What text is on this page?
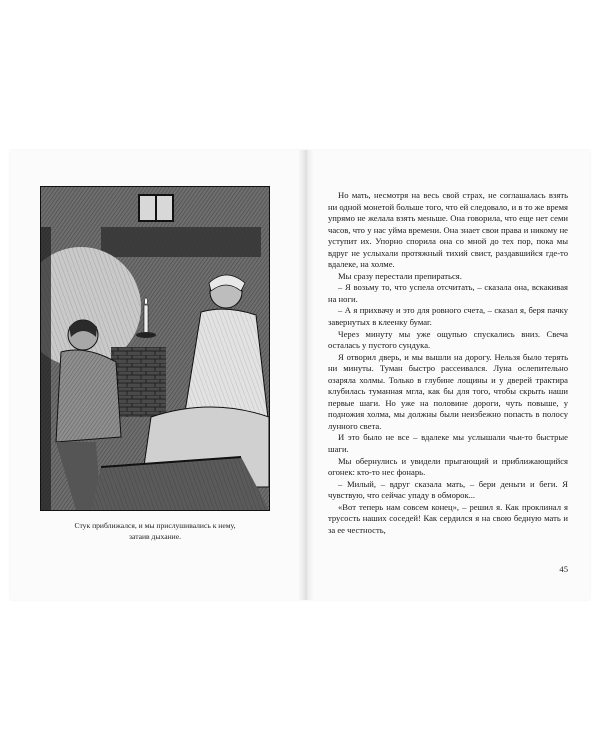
Стук приближался, и мы прислушивались к нему,
затаив дыхание.

Но мать, несмотря на весь свой страх, не соглашалась взять ни одной монетой больше того, что ей следовало, и в то же время упрямо не желала взять меньше. Она говорила, что еще нет семи часов, что у нас уйма времени. Она знает свои права и никому не уступит их. Упорно спорила она со мной до тех пор, пока мы вдруг не услыхали протяжный тихий свист, раздавшийся где-то вдалеке, на холме.

Мы сразу перестали препираться.

– Я возьму то, что успела отсчитать, – сказала она, вскакивая на ноги.

– А я прихвачу и это для ровного счета, – сказал я, беря пачку завернутых в клеенку бумаг.

Через минуту мы уже ощупью спускались вниз. Свеча осталась у пустого сундука.

Я отворил дверь, и мы вышли на дорогу. Нельзя было терять ни минуты. Туман быстро рассеивался. Луна ослепительно озаряла холмы. Только в глубине лощины и у дверей трактира клубилась туманная мгла, как бы для того, чтобы скрыть наши первые шаги. Но уже на половине дороги, чуть повыше, у подножия холма, мы должны были неизбежно попасть в полосу лунного света.

И это было не все – вдалеке мы услышали чьи-то быстрые шаги.

Мы обернулись и увидели прыгающий и приближающийся огонек: кто-то нес фонарь.

– Милый, – вдруг сказала мать, – бери деньги и беги. Я чувствую, что сейчас упаду в обморок...

«Вот теперь нам совсем конец», – решил я. Как проклинал я трусость наших соседей! Как сердился я на свою бедную мать и за ее честность,

45
